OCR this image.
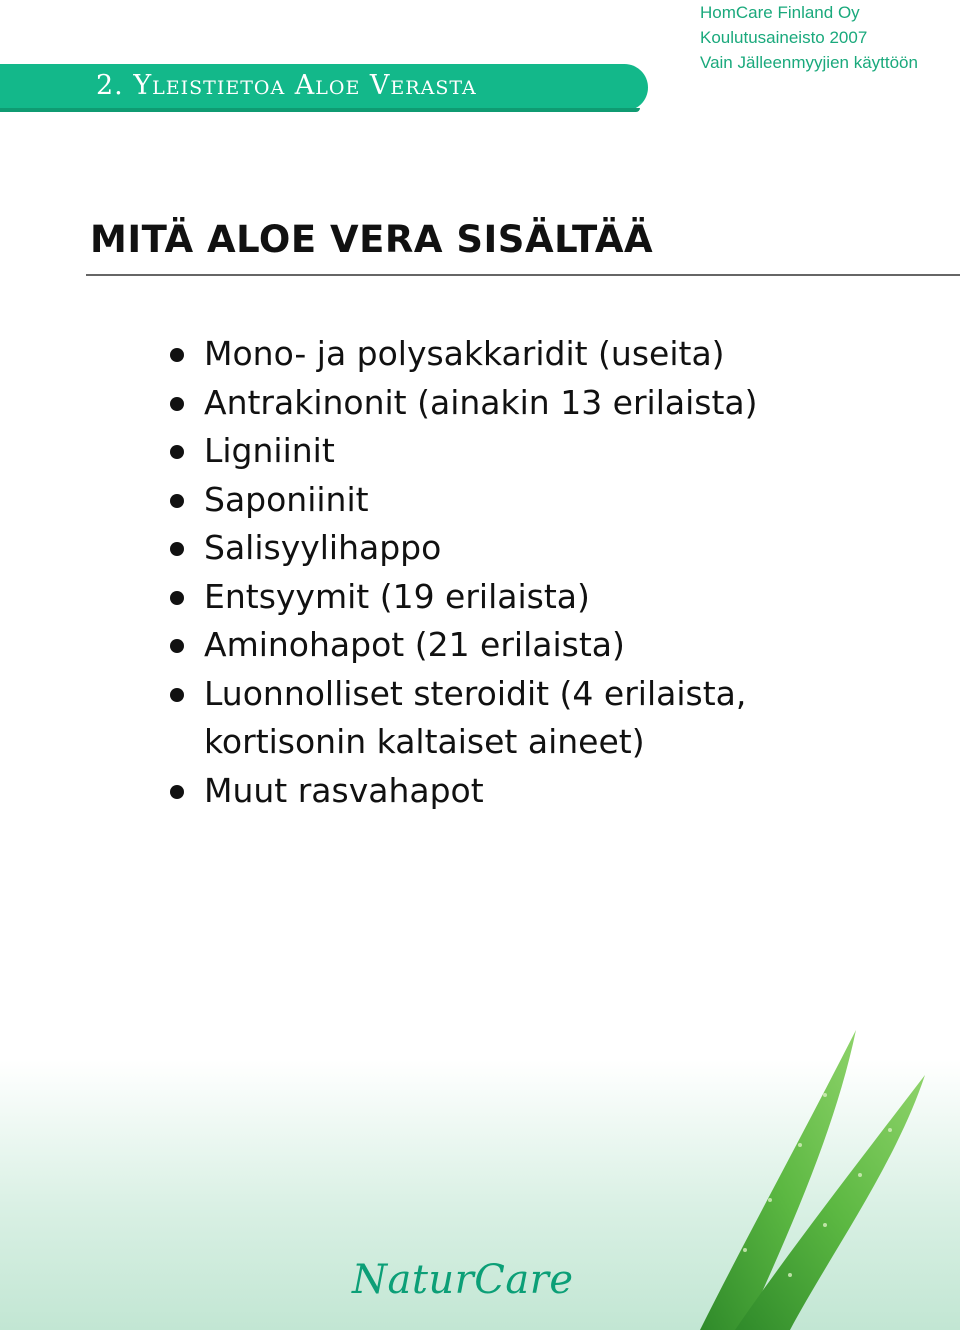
HomCare Finland Oy
Koulutusaineisto 2007
Vain Jälleenmyyjien käyttöön
2. Yleistietoa Aloe Verasta
MITÄ ALOE VERA SISÄLTÄÄ
Mono- ja polysakkaridit (useita)
Antrakinonit (ainakin 13 erilaista)
Ligniinit
Saponiinit
Salisyylihappo
Entsyymit (19 erilaista)
Aminohapot (21 erilaista)
Luonnolliset steroidit (4 erilaista,
kortisonin kaltaiset aineet)
Muut rasvahapot
NaturCare
